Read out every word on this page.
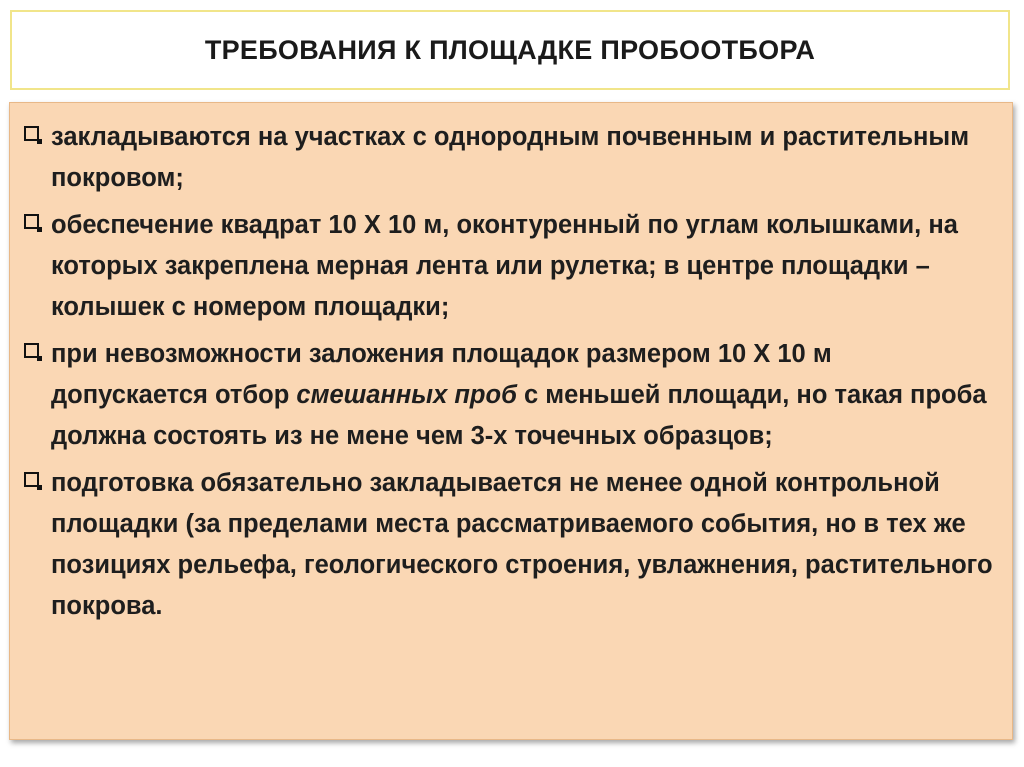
ТРЕБОВАНИЯ К ПЛОЩАДКЕ ПРОБООТБОРА
закладываются на участках с однородным почвенным и растительным покровом;
обеспечение квадрат 10 Х 10 м, оконтуренный по углам колышками, на которых закреплена мерная лента или рулетка; в центре площадки – колышек с номером площадки;
при невозможности заложения площадок размером 10 Х 10 м допускается отбор смешанных проб с меньшей площади, но такая проба должна состоять из не мене чем 3-х точечных образцов;
подготовка обязательно закладывается не менее одной контрольной площадки (за пределами места рассматриваемого события, но в тех же позициях рельефа, геологического строения, увлажнения, растительного покрова.
